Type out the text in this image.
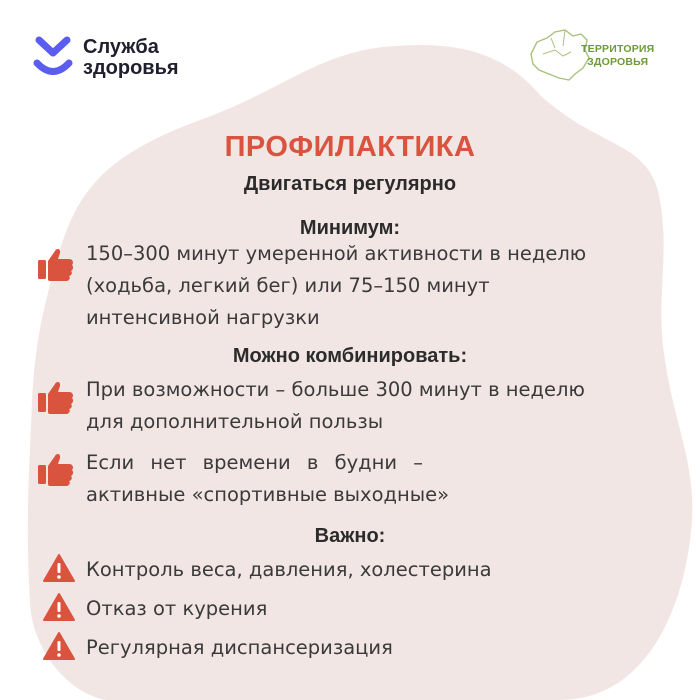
Служба
здоровья
ТЕРРИТОРИЯ
ЗДОРОВЬЯ
ПРОФИЛАКТИКА
Двигаться регулярно
Минимум:
150–300 минут умеренной активности в неделю
(ходьба, легкий бег) или 75–150 минут
интенсивной нагрузки
Можно комбинировать:
При возможности – больше 300 минут в неделю
для дополнительной пользы
Если нет времени в будни –
активные «спортивные выходные»
Важно:
Контроль веса, давления, холестерина
Отказ от курения
Регулярная диспансеризация
